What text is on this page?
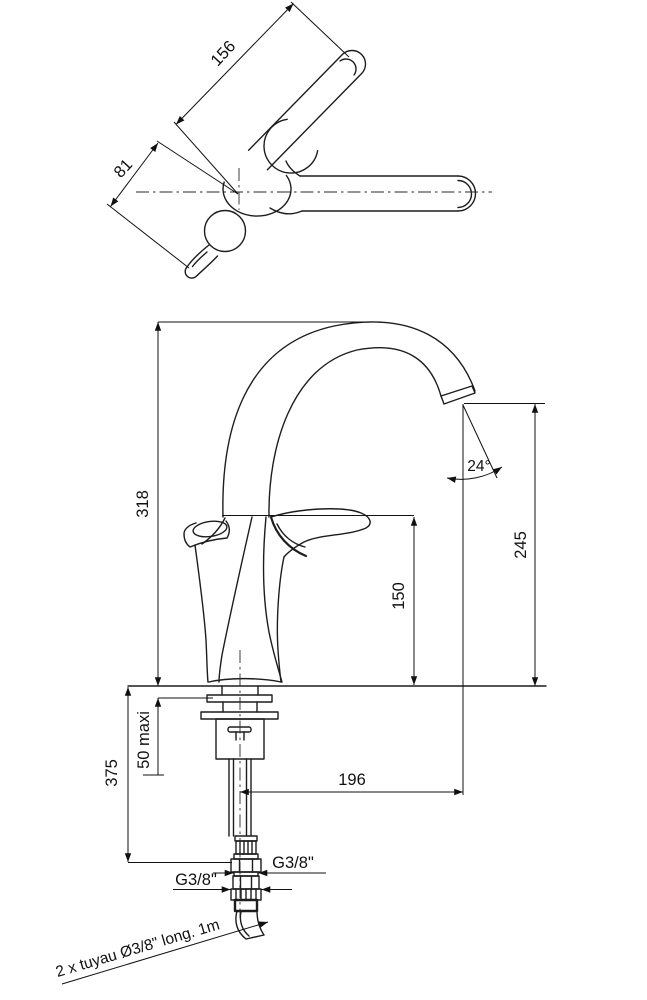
156
81
318
245
150
24°
196
375
50 maxi
G3/8"
G3/8"
2 x tuyau Ø3/8" long. 1m
